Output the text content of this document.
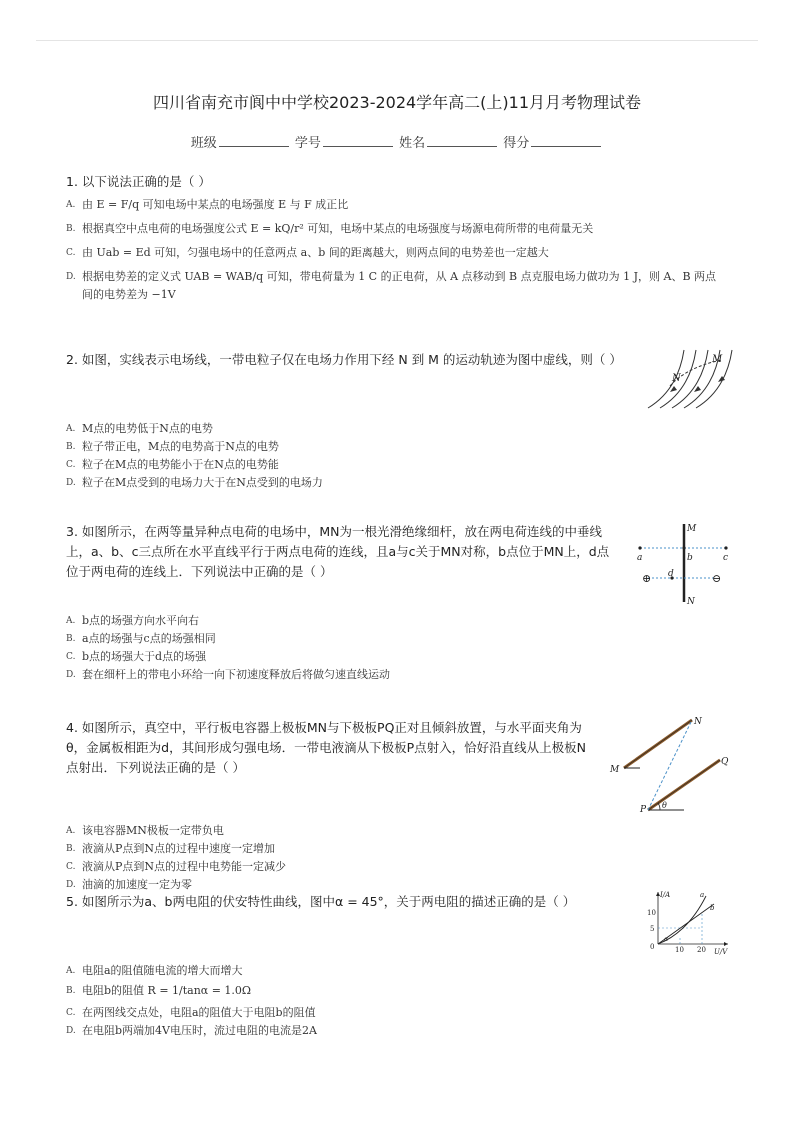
四川省南充市阆中中学校2023-2024学年高二(上)11月月考物理试卷
班级	学号	姓名	得分
1. 以下说法正确的是（ ）
A. 由 E = F/q 可知电场中某点的电场强度 E 与 F 成正比
B. 根据真空中点电荷的电场强度公式 E = kQ/r² 可知，电场中某点的电场强度与场源电荷所带的电荷量无关
C. 由 Uab = Ed 可知，匀强电场中的任意两点 a、b 间的距离越大，则两点间的电势差也一定越大
D. 根据电势差的定义式 UAB = WAB/q 可知，带电荷量为 1 C 的正电荷，从 A 点移动到 B 点克服电场力做功为 1 J，则 A、B 两点间的电势差为 −1V
2. 如图，实线表示电场线，一带电粒子仅在电场力作用下经 N 到 M 的运动轨迹为图中虚线，则（ ）
A. M点的电势低于N点的电势
B. 粒子带正电，M点的电势高于N点的电势
C. 粒子在M点的电势能小于在N点的电势能
D. 粒子在M点受到的电场力大于在N点受到的电场力
N
M
3. 如图所示，在两等量异种点电荷的电场中，MN为一根光滑绝缘细杆，放在两电荷连线的中垂线上，a、b、c三点所在水平直线平行于两点电荷的连线，且a与c关于MN对称，b点位于MN上，d点位于两电荷的连线上．下列说法中正确的是（ ）
A. b点的场强方向水平向右
B. a点的场强与c点的场强相同
C. b点的场强大于d点的场强
D. 套在细杆上的带电小环给一向下初速度释放后将做匀速直线运动
M
N
a	b	c
d
⊕	⊖
4. 如图所示，真空中，平行板电容器上极板MN与下极板PQ正对且倾斜放置，与水平面夹角为θ，金属板相距为d，其间形成匀强电场．一带电液滴从下极板P点射入，恰好沿直线从上极板N点射出．下列说法正确的是（ ）
A. 该电容器MN极板一定带负电
B. 液滴从P点到N点的过程中速度一定增加
C. 液滴从P点到N点的过程中电势能一定减少
D. 油滴的加速度一定为零
M
N
P
Q
θ
5. 如图所示为a、b两电阻的伏安特性曲线，图中α = 45°，关于两电阻的描述正确的是（ ）
A. 电阻a的阻值随电流的增大而增大
B. 电阻b的阻值 R = 1/tanα = 1.0Ω
C. 在两图线交点处，电阻a的阻值大于电阻b的阻值
D. 在电阻b两端加4V电压时，流过电阻的电流是2A
I/A
U/V
10
5
0	10 20
a
b
α
